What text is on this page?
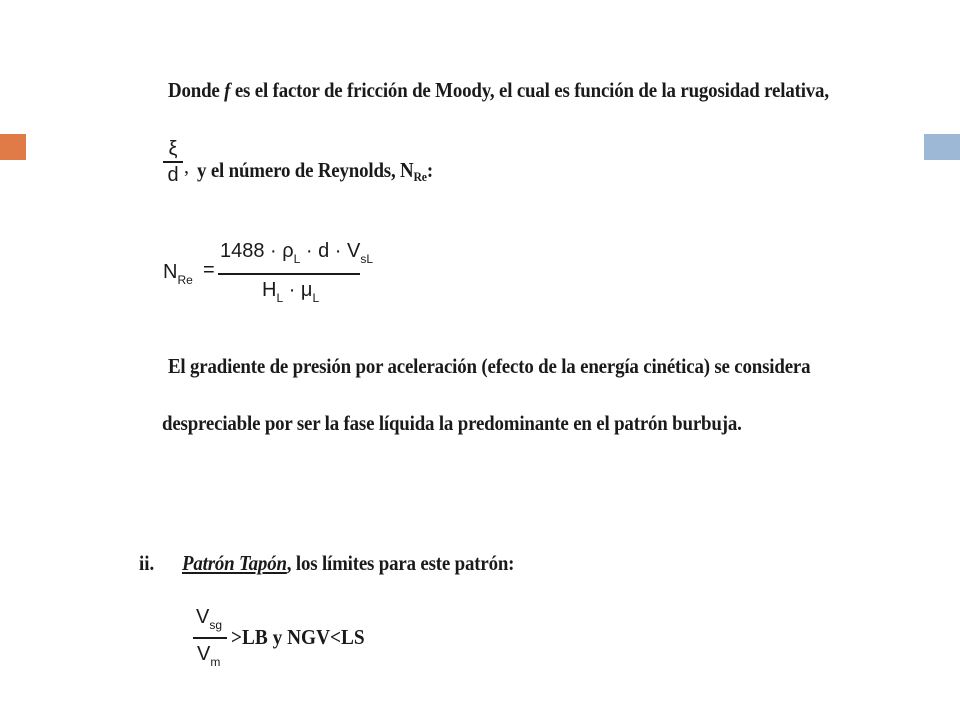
Donde f es el factor de fricción de Moody, el cual es función de la rugosidad relativa,
ξ
d , y el número de Reynolds, $N_{Re}$:
$N_{Re}$ =
$1488 \cdot \rho_L \cdot d \cdot V_{sL}$
$H_L \cdot \mu_L$
El gradiente de presión por aceleración (efecto de la energía cinética) se considera
despreciable por ser la fase líquida la predominante en el patrón burbuja.
ii. Patrón Tapón, los límites para este patrón:
$V_{sg}$
$V_m$
>LB y NGV<LS
